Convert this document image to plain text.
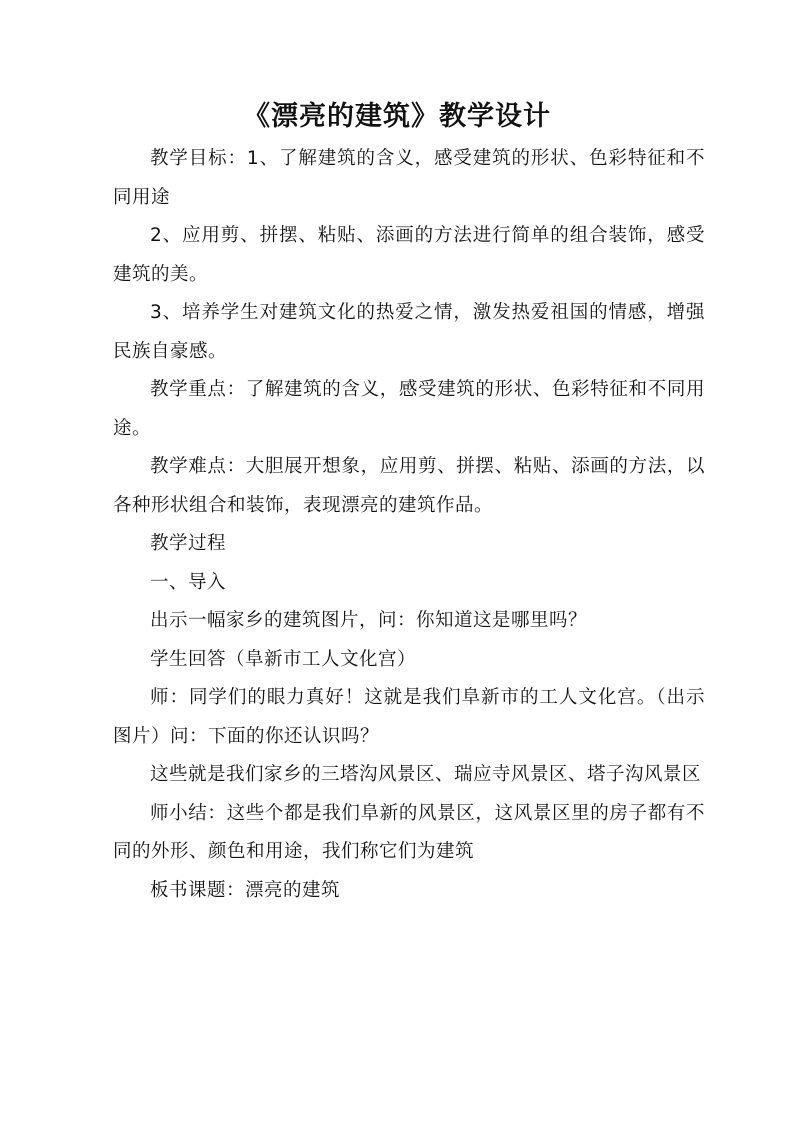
《漂亮的建筑》教学设计

教学目标：1、了解建筑的含义，感受建筑的形状、色彩特征和不同用途

2、应用剪、拼摆、粘贴、添画的方法进行简单的组合装饰，感受建筑的美。

3、培养学生对建筑文化的热爱之情，激发热爱祖国的情感，增强民族自豪感。

教学重点：了解建筑的含义，感受建筑的形状、色彩特征和不同用途。

教学难点：大胆展开想象，应用剪、拼摆、粘贴、添画的方法，以各种形状组合和装饰，表现漂亮的建筑作品。

教学过程

一、导入

出示一幅家乡的建筑图片，问：你知道这是哪里吗？

学生回答（阜新市工人文化宫）

师：同学们的眼力真好！这就是我们阜新市的工人文化宫。（出示图片）问：下面的你还认识吗？

这些就是我们家乡的三塔沟风景区、瑞应寺风景区、塔子沟风景区

师小结：这些个都是我们阜新的风景区，这风景区里的房子都有不同的外形、颜色和用途，我们称它们为建筑

板书课题：漂亮的建筑
